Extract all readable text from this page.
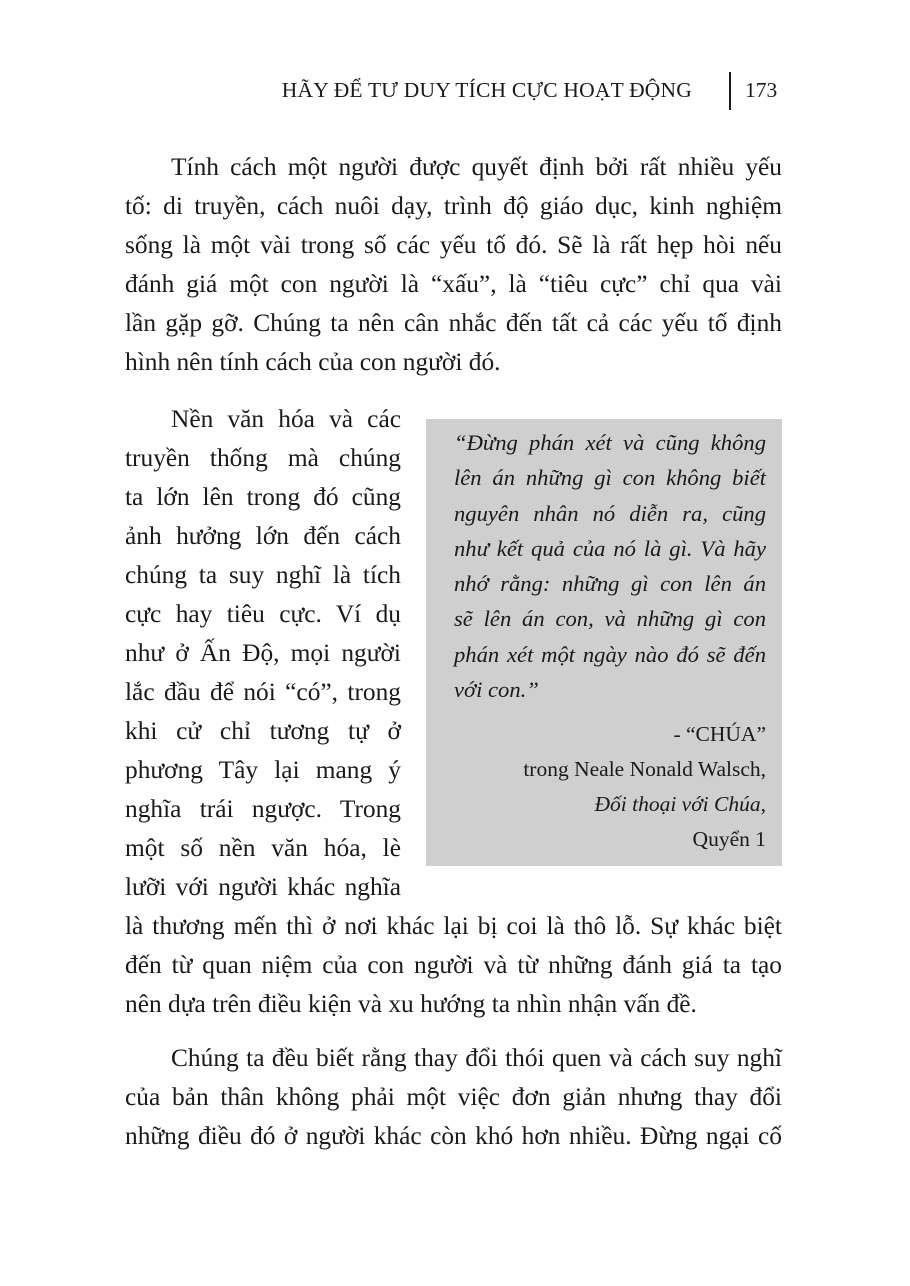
HÃY ĐỂ TƯ DUY TÍCH CỰC HOẠT ĐỘNG 173

Tính cách một người được quyết định bởi rất nhiều yếu
tố: di truyền, cách nuôi dạy, trình độ giáo dục, kinh nghiệm
sống là một vài trong số các yếu tố đó. Sẽ là rất hẹp hòi nếu
đánh giá một con người là “xấu”, là “tiêu cực” chỉ qua vài
lần gặp gỡ. Chúng ta nên cân nhắc đến tất cả các yếu tố định
hình nên tính cách của con người đó.

Nền văn hóa và các
truyền thống mà chúng
ta lớn lên trong đó cũng
ảnh hưởng lớn đến cách
chúng ta suy nghĩ là tích
cực hay tiêu cực. Ví dụ
như ở Ấn Độ, mọi người
lắc đầu để nói “có”, trong
khi cử chỉ tương tự ở
phương Tây lại mang ý
nghĩa trái ngược. Trong
một số nền văn hóa, lè
lưỡi với người khác nghĩa

“Đừng phán xét và cũng không
lên án những gì con không biết
nguyên nhân nó diễn ra, cũng
như kết quả của nó là gì. Và hãy
nhớ rằng: những gì con lên án
sẽ lên án con, và những gì con
phán xét một ngày nào đó sẽ đến
với con.”

- “CHÚA”
trong Neale Nonald Walsch,
Đối thoại với Chúa,
Quyển 1

là thương mến thì ở nơi khác lại bị coi là thô lỗ. Sự khác biệt
đến từ quan niệm của con người và từ những đánh giá ta tạo
nên dựa trên điều kiện và xu hướng ta nhìn nhận vấn đề.

Chúng ta đều biết rằng thay đổi thói quen và cách suy nghĩ
của bản thân không phải một việc đơn giản nhưng thay đổi
những điều đó ở người khác còn khó hơn nhiều. Đừng ngại cố
